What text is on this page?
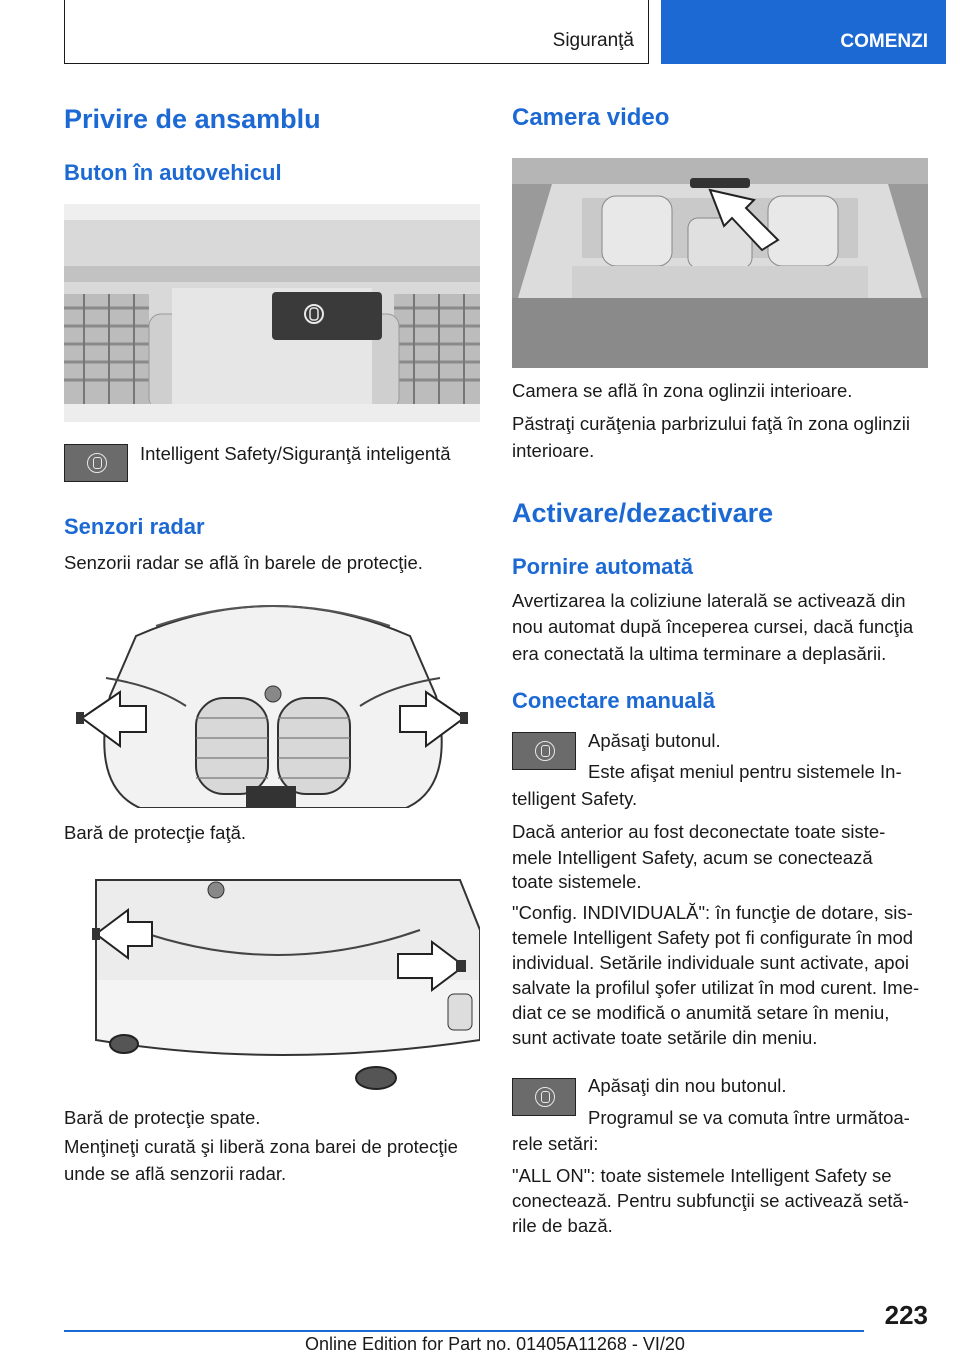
Siguranţă	COMENZI
Privire de ansamblu
Buton în autovehicul
Intelligent Safety/Siguranţă inteligentă
Senzori radar
Senzorii radar se află în barele de protecţie.
Bară de protecţie faţă.
Bară de protecţie spate.
Menţineţi curată şi liberă zona barei de protecţie
unde se află senzorii radar.
Camera video
Camera se află în zona oglinzii interioare.
Păstraţi curăţenia parbrizului faţă în zona oglinzii
interioare.
Activare/dezactivare
Pornire automată
Avertizarea la coliziune laterală se activează din
nou automat după începerea cursei, dacă funcţia
era conectată la ultima terminare a deplasării.
Conectare manuală
Apăsaţi butonul.
Este afişat meniul pentru sistemele In-
telligent Safety.
Dacă anterior au fost deconectate toate siste-
mele Intelligent Safety, acum se conectează
toate sistemele.
"Config. INDIVIDUALĂ": în funcţie de dotare, sis-
temele Intelligent Safety pot fi configurate în mod
individual. Setările individuale sunt activate, apoi
salvate la profilul şofer utilizat în mod curent. Ime-
diat ce se modifică o anumită setare în meniu,
sunt activate toate setările din meniu.
Apăsaţi din nou butonul.
Programul se va comuta între următoa-
rele setări:
"ALL ON": toate sistemele Intelligent Safety se
conectează. Pentru subfuncţii se activează setă-
rile de bază.
223
Online Edition for Part no. 01405A11268 - VI/20
